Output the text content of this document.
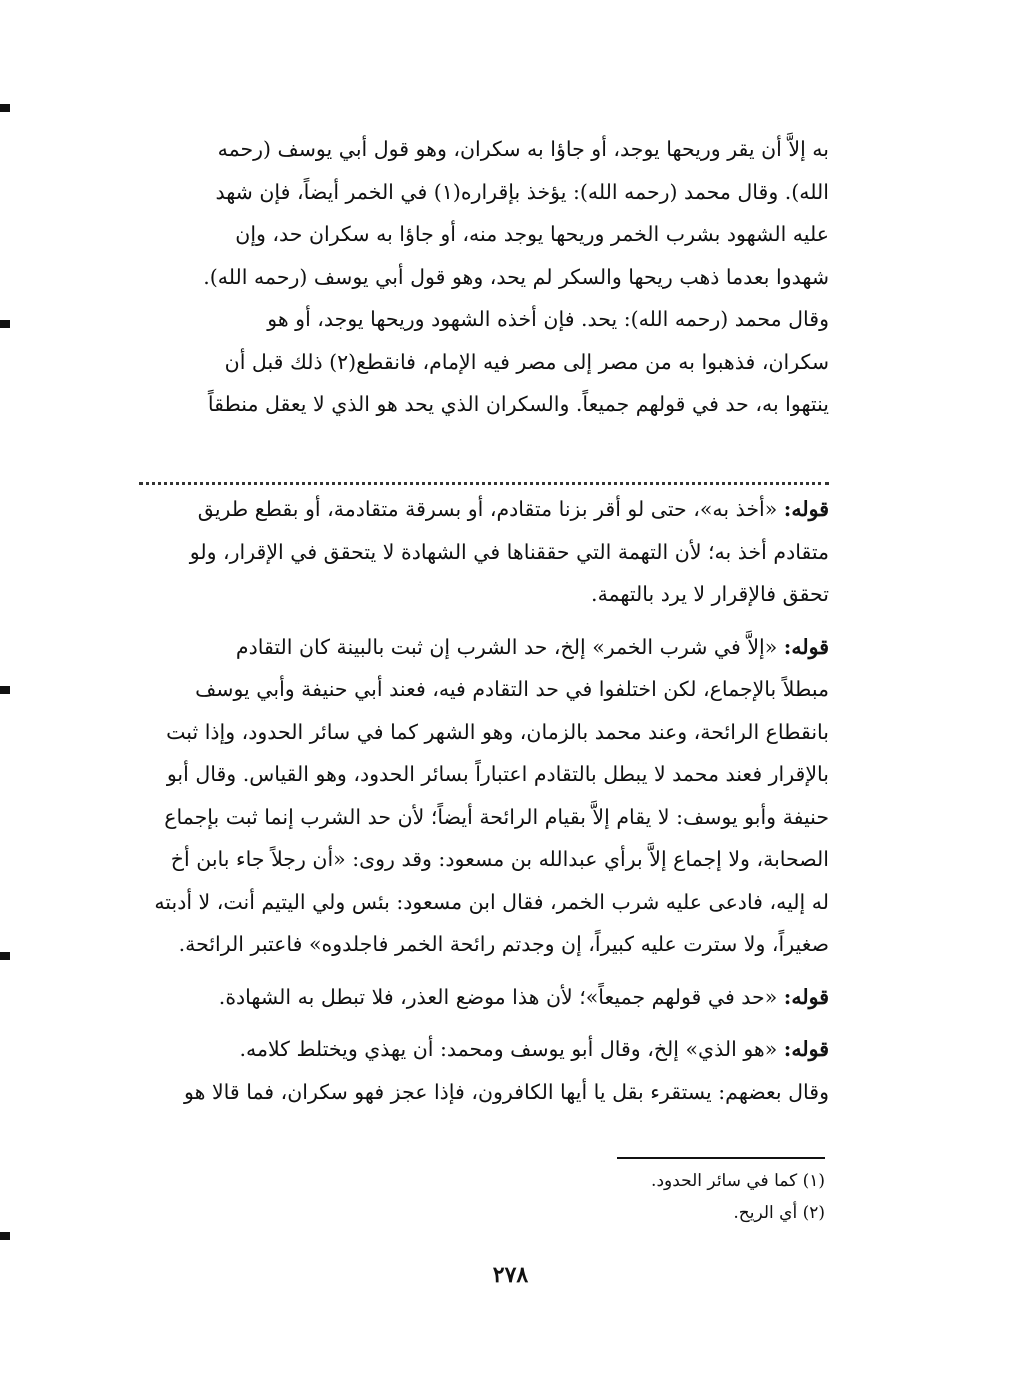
به إلاَّ أن يقر وريحها يوجد، أو جاؤا به سكران، وهو قول أبي يوسف (رحمه
الله). وقال محمد (رحمه الله): يؤخذ بإقراره(١) في الخمر أيضاً، فإن شهد
عليه الشهود بشرب الخمر وريحها يوجد منه، أو جاؤا به سكران حد، وإن
شهدوا بعدما ذهب ريحها والسكر لم يحد، وهو قول أبي يوسف (رحمه الله).
وقال محمد (رحمه الله): يحد. فإن أخذه الشهود وريحها يوجد، أو هو
سكران، فذهبوا به من مصر إلى مصر فيه الإمام، فانقطع(٢) ذلك قبل أن
ينتهوا به، حد في قولهم جميعاً. والسكران الذي يحد هو الذي لا يعقل منطقاً
قوله: «أخذ به»، حتى لو أقر بزنا متقادم، أو بسرقة متقادمة، أو بقطع طريق
متقادم أخذ به؛ لأن التهمة التي حققناها في الشهادة لا يتحقق في الإقرار، ولو
تحقق فالإقرار لا يرد بالتهمة.
قوله: «إلاَّ في شرب الخمر» إلخ، حد الشرب إن ثبت بالبينة كان التقادم
مبطلاً بالإجماع، لكن اختلفوا في حد التقادم فيه، فعند أبي حنيفة وأبي يوسف
بانقطاع الرائحة، وعند محمد بالزمان، وهو الشهر كما في سائر الحدود، وإذا ثبت
بالإقرار فعند محمد لا يبطل بالتقادم اعتباراً بسائر الحدود، وهو القياس. وقال أبو
حنيفة وأبو يوسف: لا يقام إلاَّ بقيام الرائحة أيضاً؛ لأن حد الشرب إنما ثبت بإجماع
الصحابة، ولا إجماع إلاَّ برأي عبدالله بن مسعود: وقد روى: «أن رجلاً جاء بابن أخ
له إليه، فادعى عليه شرب الخمر، فقال ابن مسعود: بئس ولي اليتيم أنت، لا أدبته
صغيراً، ولا سترت عليه كبيراً، إن وجدتم رائحة الخمر فاجلدوه» فاعتبر الرائحة.
قوله: «حد في قولهم جميعاً»؛ لأن هذا موضع العذر، فلا تبطل به الشهادة.
قوله: «هو الذي» إلخ، وقال أبو يوسف ومحمد: أن يهذي ويختلط كلامه.
وقال بعضهم: يستقرء بقل يا أيها الكافرون، فإذا عجز فهو سكران، فما قالا هو
(١) كما في سائر الحدود.
(٢) أي الريح.
٢٧٨
